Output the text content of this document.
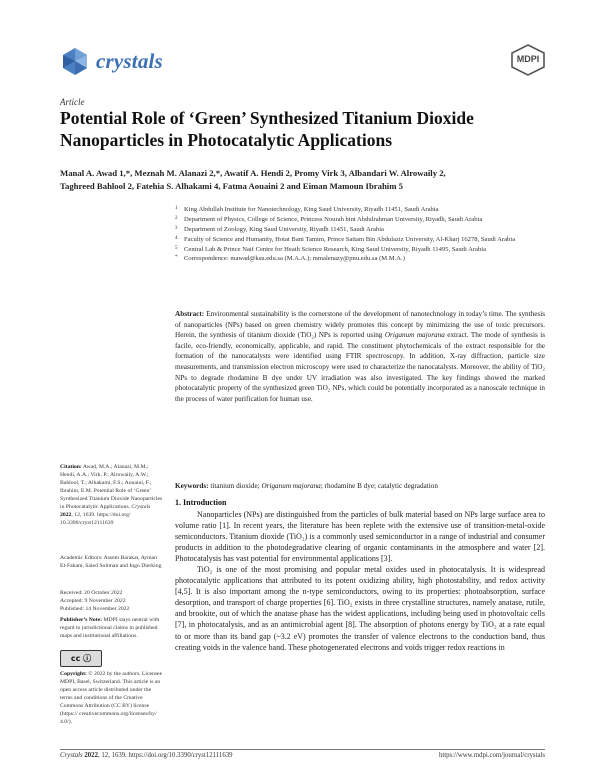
crystals	MDPI
Article
Potential Role of ‘Green’ Synthesized Titanium Dioxide Nanoparticles in Photocatalytic Applications
Manal A. Awad 1,*, Meznah M. Alanazi 2,*, Awatif A. Hendi 2, Promy Virk 3, Albandari W. Alrowaily 2,
Taghreed Bahlool 2, Fatehia S. Alhakami 4, Fatma Aouaini 2 and Eiman Mamoun Ibrahim 5
1 King Abdullah Institute for Nanotechnology, King Saud University, Riyadh 11451, Saudi Arabia
2 Department of Physics, College of Science, Princess Nourah bint Abdulrahman University, Riyadh, Saudi Arabia
3 Department of Zoology, King Saud University, Riyadh 11451, Saudi Arabia
4 Faculty of Science and Humanity, Hotat Bani Tamim, Prince Sattam Bin Abdulaziz University, Al-Kharj 16278, Saudi Arabia
5 Central Lab & Prince Naif Centre for Heath Science Research, King Saud University, Riyadh 11495, Saudi Arabia
* Correspondence: mawad@ksu.edu.sa (M.A.A.); mmalenazy@pnu.edu.sa (M.M.A.)
Abstract: Environmental sustainability is the cornerstone of the development of nanotechnology in today’s time. The synthesis of nanoparticles (NPs) based on green chemistry widely promotes this concept by minimizing the use of toxic precursors. Herein, the synthesis of titanium dioxide (TiO₂) NPs is reported using Origanum majorana extract. The mode of synthesis is facile, eco-friendly, economically, applicable, and rapid. The constituent phytochemicals of the extract responsible for the formation of the nanocatalysts were identified using FTIR spectroscopy. In addition, X-ray diffraction, particle size measurements, and transmission electron microscopy were used to characterize the nanocatalysts. Moreover, the ability of TiO₂ NPs to degrade rhodamine B dye under UV irradiation was also investigated. The key findings showed the marked photocatalytic property of the synthesized green TiO₂ NPs, which could be potentially incorporated as a nanoscale technique in the process of water purification for human use.
Keywords: titanium dioxide; Origanum majorana; rhodamine B dye; catalytic degradation
1. Introduction

Nanoparticles (NPs) are distinguished from the particles of bulk material based on NPs large surface area to volume ratio [1]. In recent years, the literature has been replete with the extensive use of transition-metal-oxide semiconductors. Titanium dioxide (TiO₂) is a commonly used semiconductor in a range of industrial and consumer products in addition to the photodegradative clearing of organic contaminants in the atmosphere and water [2]. Photocatalysis has vast potential for environmental applications [3].

TiO₂ is one of the most promising and popular metal oxides used in photocatalysis. It is widespread photocatalytic applications that attributed to its potent oxidizing ability, high photostability, and redox activity [4,5]. It is also important among the n-type semiconductors, owing to its properties: photoabsorption, surface desorption, and transport of charge properties [6]. TiO₂ exists in three crystalline structures, namely anatase, rutile, and brookite, out of which the anatase phase has the widest applications, including being used in photovoltaic cells [7], in photocatalysis, and as an antimicrobial agent [8]. The absorption of photons energy by TiO₂ at a rate equal to or more than its band gap (~3.2 eV) promotes the transfer of valence electrons to the conduction band, thus creating voids in the valence band. These photogenerated electrons and voids trigger redox reactions in

Citation: Awad, M.A.; Alanazi, M.M.; Hendi, A.A.; Virk, P.; Alrowaily, A.W.; Bahlool, T.; Alhakami, F.S.; Aouaini, F.; Ibrahim, E.M. Potential Role of ‘Green’ Synthesized Titanium Dioxide Nanoparticles in Photocatalytic Applications. Crystals 2022, 12, 1639. https://doi.org/ 10.3390/cryst12111639
Academic Editors: Assem Barakat, Ayman El-Faham, Saied Soliman and Ingo Dierking
Received: 20 October 2022
Accepted: 9 November 2022
Published: 14 November 2022
Publisher’s Note: MDPI stays neutral with regard to jurisdictional claims in published maps and institutional affiliations.
cc ⓘ
Copyright: © 2022 by the authors. Licensee MDPI, Basel, Switzerland. This article is an open access article distributed under the terms and conditions of the Creative Commons Attribution (CC BY) license (https:// creativecommons.org/licenses/by/ 4.0/).
Crystals 2022, 12, 1639. https://doi.org/10.3390/cryst12111639	https://www.mdpi.com/journal/crystals
